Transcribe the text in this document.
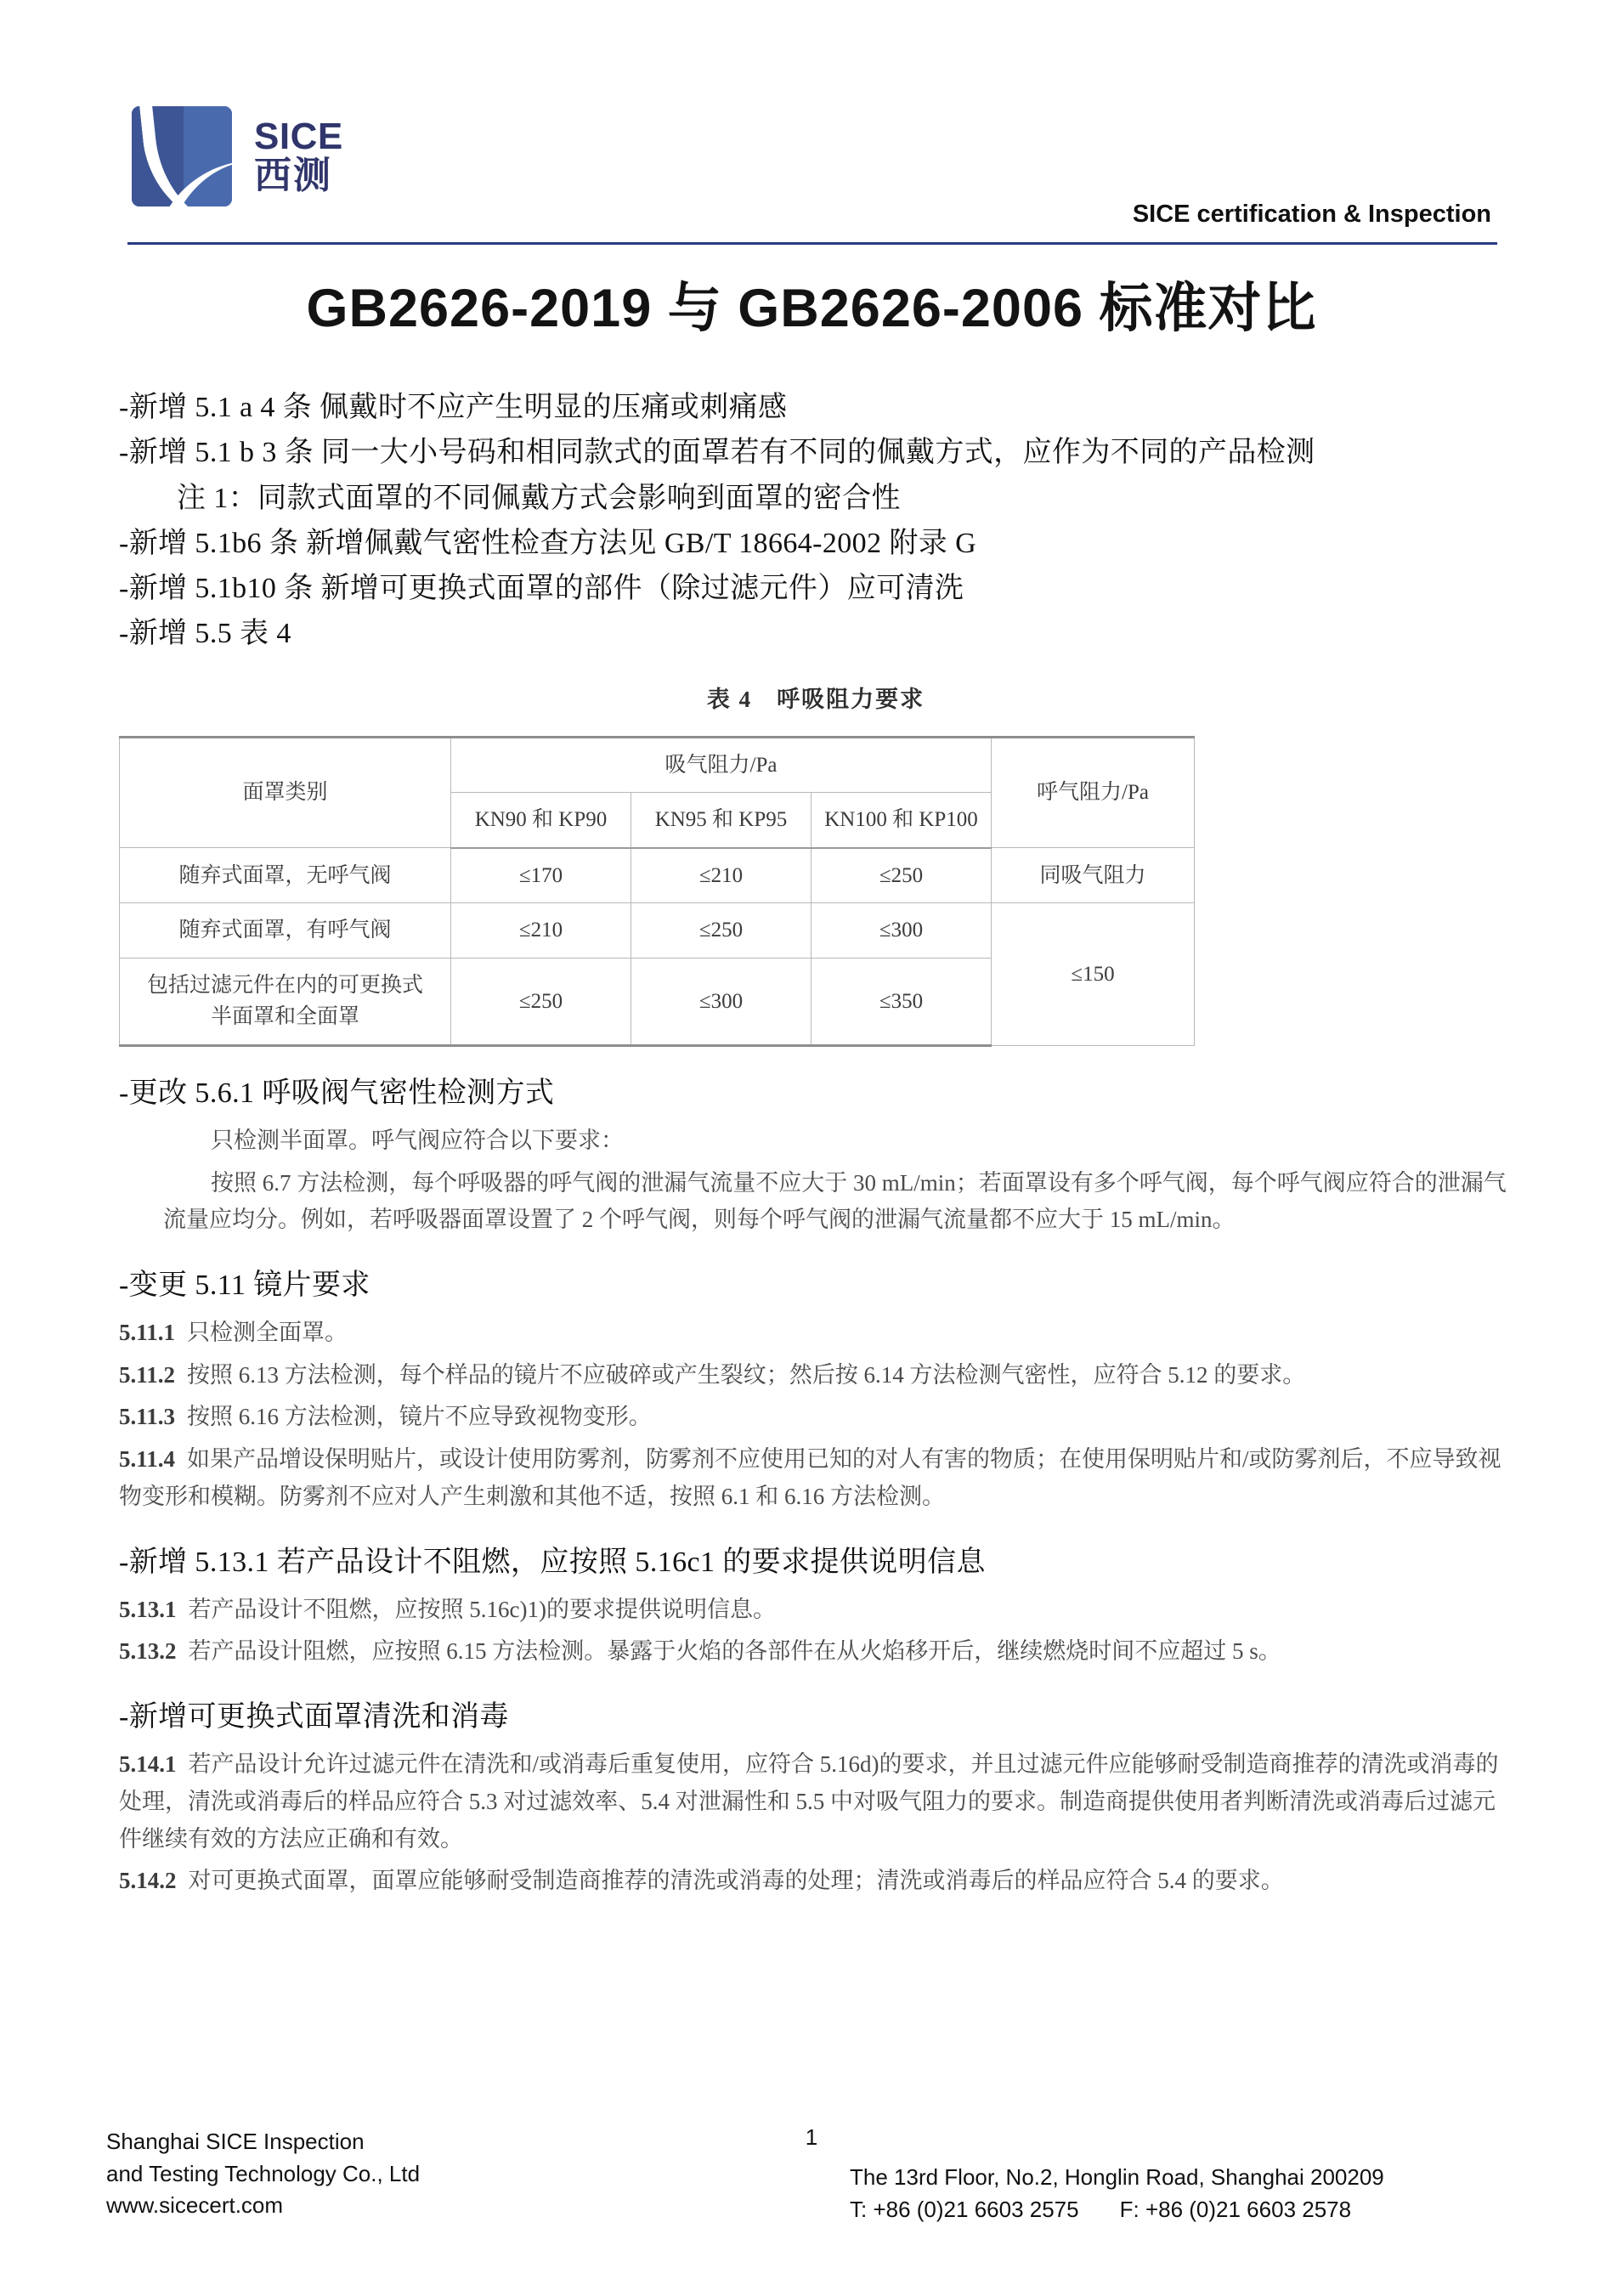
SICE
西测
SICE certification & Inspection
GB2626-2019 与 GB2626-2006 标准对比

-新增 5.1 a 4 条 佩戴时不应产生明显的压痛或刺痛感

-新增 5.1 b 3 条 同一大小号码和相同款式的面罩若有不同的佩戴方式，应作为不同的产品检测

注 1：同款式面罩的不同佩戴方式会影响到面罩的密合性

-新增 5.1b6 条 新增佩戴气密性检查方法见 GB/T 18664-2002 附录 G

-新增 5.1b10 条 新增可更换式面罩的部件（除过滤元件）应可清洗

-新增 5.5 表 4

表 4　呼吸阻力要求
面罩类别	吸气阻力/Pa			呼气阻力/Pa
	KN90 和 KP90	KN95 和 KP95	KN100 和 KP100	
随弃式面罩，无呼气阀	≤170	≤210	≤250	同吸气阻力
随弃式面罩，有呼气阀	≤210	≤250	≤300	≤150
包括过滤元件在内的可更换式
半面罩和全面罩	≤250	≤300	≤350	

-更改 5.6.1 呼吸阀气密性检测方式

只检测半面罩。呼气阀应符合以下要求：

按照 6.7 方法检测，每个呼吸器的呼气阀的泄漏气流量不应大于 30 mL/min；若面罩设有多个呼气阀，每个呼气阀应符合的泄漏气流量应均分。例如，若呼吸器面罩设置了 2 个呼气阀，则每个呼气阀的泄漏气流量都不应大于 15 mL/min。

-变更 5.11 镜片要求

5.11.1 只检测全面罩。

5.11.2 按照 6.13 方法检测，每个样品的镜片不应破碎或产生裂纹；然后按 6.14 方法检测气密性，应符合 5.12 的要求。

5.11.3 按照 6.16 方法检测，镜片不应导致视物变形。

5.11.4 如果产品增设保明贴片，或设计使用防雾剂，防雾剂不应使用已知的对人有害的物质；在使用保明贴片和/或防雾剂后，不应导致视物变形和模糊。防雾剂不应对人产生刺激和其他不适，按照 6.1 和 6.16 方法检测。

-新增 5.13.1 若产品设计不阻燃，应按照 5.16c1 的要求提供说明信息

5.13.1 若产品设计不阻燃，应按照 5.16c)1)的要求提供说明信息。

5.13.2 若产品设计阻燃，应按照 6.15 方法检测。暴露于火焰的各部件在从火焰移开后，继续燃烧时间不应超过 5 s。

-新增可更换式面罩清洗和消毒

5.14.1 若产品设计允许过滤元件在清洗和/或消毒后重复使用，应符合 5.16d)的要求，并且过滤元件应能够耐受制造商推荐的清洗或消毒的处理，清洗或消毒后的样品应符合 5.3 对过滤效率、5.4 对泄漏性和 5.5 中对吸气阻力的要求。制造商提供使用者判断清洗或消毒后过滤元件继续有效的方法应正确和有效。

5.14.2 对可更换式面罩，面罩应能够耐受制造商推荐的清洗或消毒的处理；清洗或消毒后的样品应符合 5.4 的要求。

1
Shanghai SICE Inspection
and Testing Technology Co., Ltd
www.sicecert.com
The 13rd Floor, No.2, Honglin Road, Shanghai 200209
T: +86 (0)21 6603 2575 F: +86 (0)21 6603 2578
